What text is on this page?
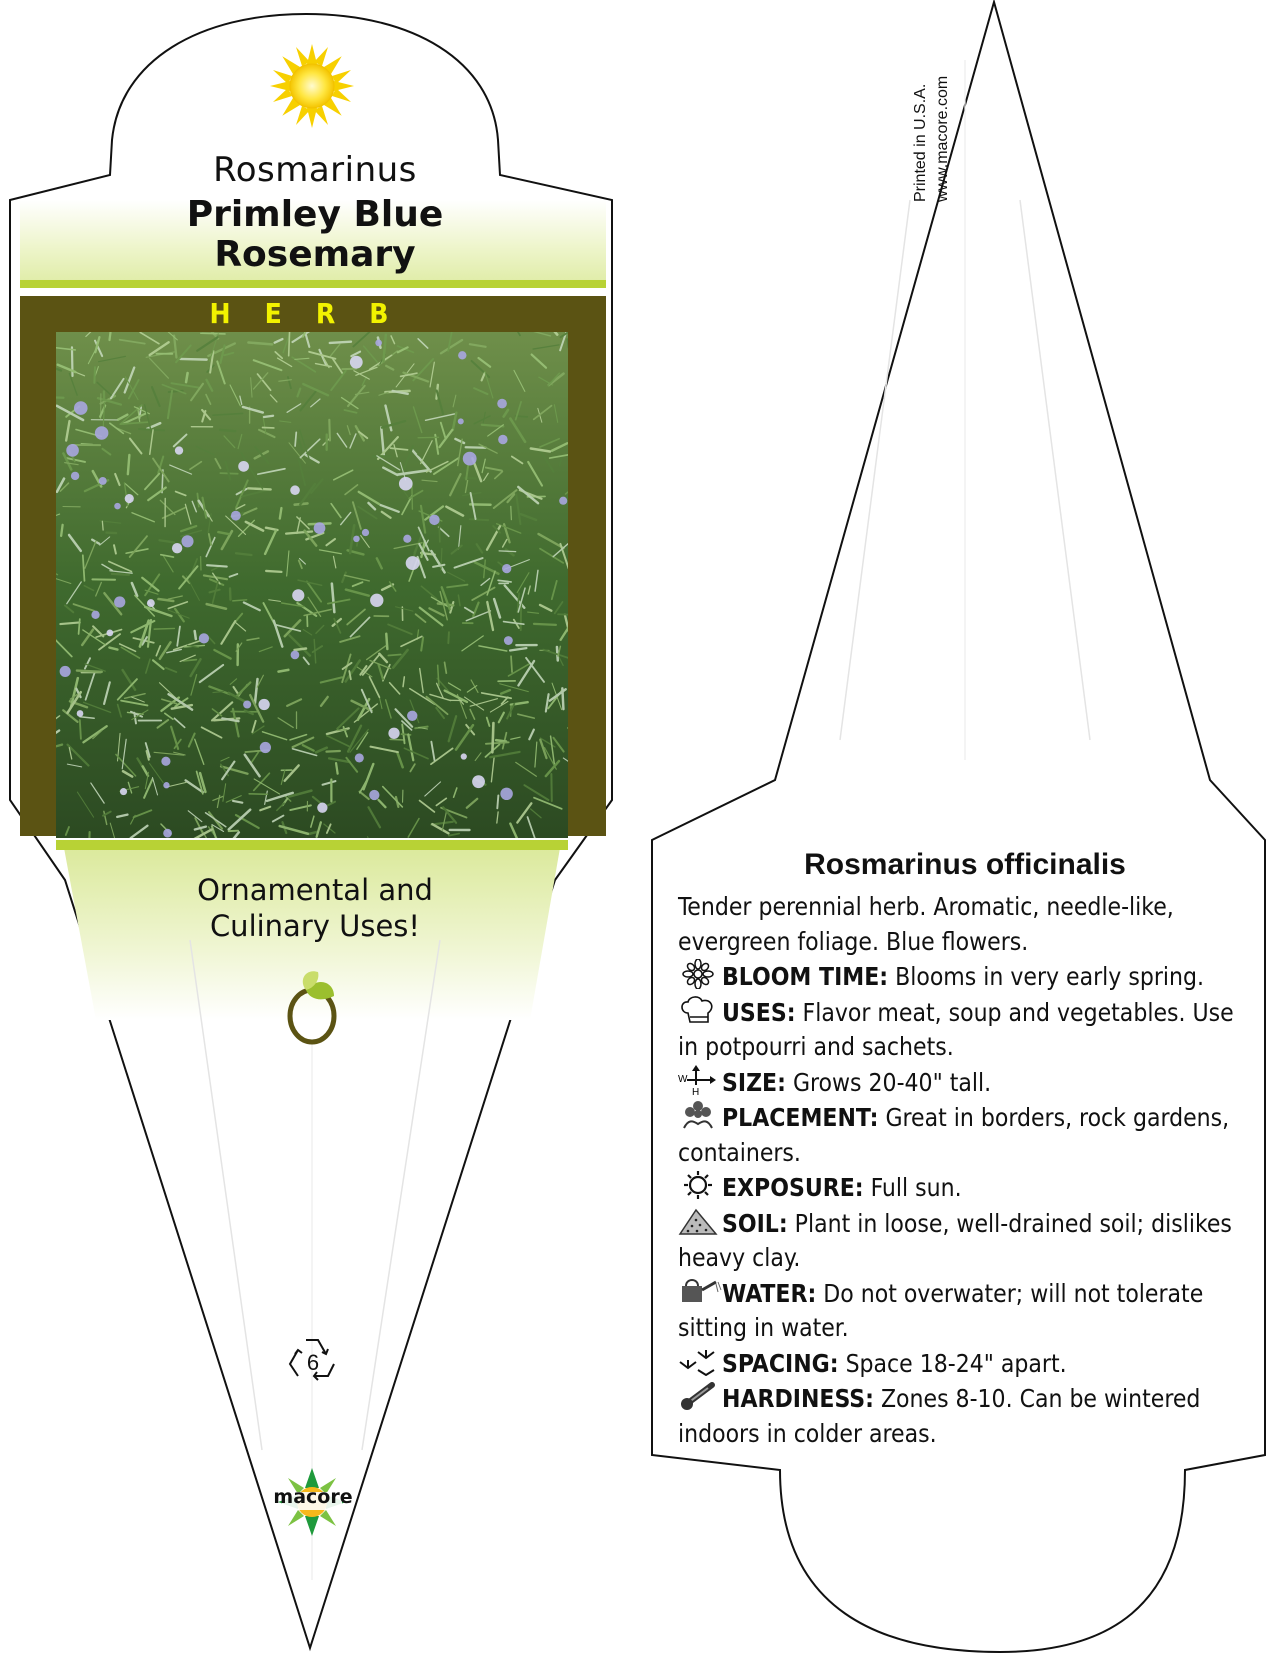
Rosmarinus
Primley Blue
Rosemary
HERB
Ornamental and
Culinary Uses!
6
macore
Printed in U.S.A. www.macore.com
Rosmarinus officinalis

Tender perennial herb. Aromatic, needle-like, evergreen foliage. Blue flowers.

BLOOM TIME: Blooms in very early spring.

USES: Flavor meat, soup and vegetables. Use in potpourri and sachets.

W
H SIZE: Grows 20-40" tall.

PLACEMENT: Great in borders, rock gardens, containers.

EXPOSURE: Full sun.

SOIL: Plant in loose, well-drained soil; dislikes heavy clay.

WATER: Do not overwater; will not tolerate sitting in water.

SPACING: Space 18-24" apart.

HARDINESS: Zones 8-10. Can be wintered indoors in colder areas.
